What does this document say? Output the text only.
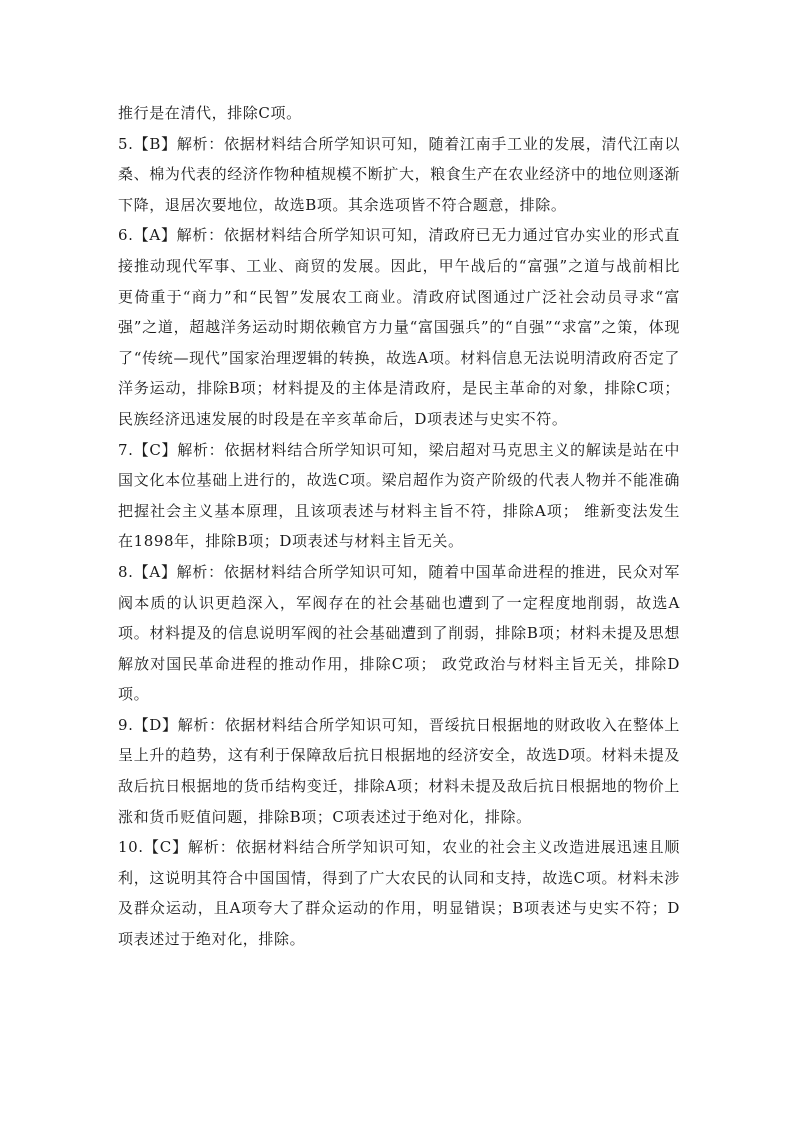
推行是在清代，排除C项。

5.【B】解析：依据材料结合所学知识可知，随着江南手工业的发展，清代江南以桑、棉为代表的经济作物种植规模不断扩大，粮食生产在农业经济中的地位则逐渐下降，退居次要地位，故选B项。其余选项皆不符合题意，排除。

6.【A】解析：依据材料结合所学知识可知，清政府已无力通过官办实业的形式直接推动现代军事、工业、商贸的发展。因此，甲午战后的“富强”之道与战前相比更倚重于“商力”和“民智”发展农工商业。清政府试图通过广泛社会动员寻求“富强”之道，超越洋务运动时期依赖官方力量“富国强兵”的“自强”“求富”之策，体现了“传统—现代”国家治理逻辑的转换，故选A项。材料信息无法说明清政府否定了洋务运动，排除B项；材料提及的主体是清政府，是民主革命的对象，排除C项；民族经济迅速发展的时段是在辛亥革命后，D项表述与史实不符。

7.【C】解析：依据材料结合所学知识可知，梁启超对马克思主义的解读是站在中国文化本位基础上进行的，故选C项。梁启超作为资产阶级的代表人物并不能准确把握社会主义基本原理，且该项表述与材料主旨不符，排除A项； 维新变法发生在1898年，排除B项；D项表述与材料主旨无关。

8.【A】解析：依据材料结合所学知识可知，随着中国革命进程的推进，民众对军阀本质的认识更趋深入，军阀存在的社会基础也遭到了一定程度地削弱，故选A项。材料提及的信息说明军阀的社会基础遭到了削弱，排除B项；材料未提及思想解放对国民革命进程的推动作用，排除C项； 政党政治与材料主旨无关，排除D项。

9.【D】解析：依据材料结合所学知识可知，晋绥抗日根据地的财政收入在整体上呈上升的趋势，这有利于保障敌后抗日根据地的经济安全，故选D项。材料未提及敌后抗日根据地的货币结构变迁，排除A项；材料未提及敌后抗日根据地的物价上涨和货币贬值问题，排除B项；C项表述过于绝对化，排除。

10.【C】解析：依据材料结合所学知识可知，农业的社会主义改造进展迅速且顺利，这说明其符合中国国情，得到了广大农民的认同和支持，故选C项。材料未涉及群众运动，且A项夸大了群众运动的作用，明显错误；B项表述与史实不符；D项表述过于绝对化，排除。
